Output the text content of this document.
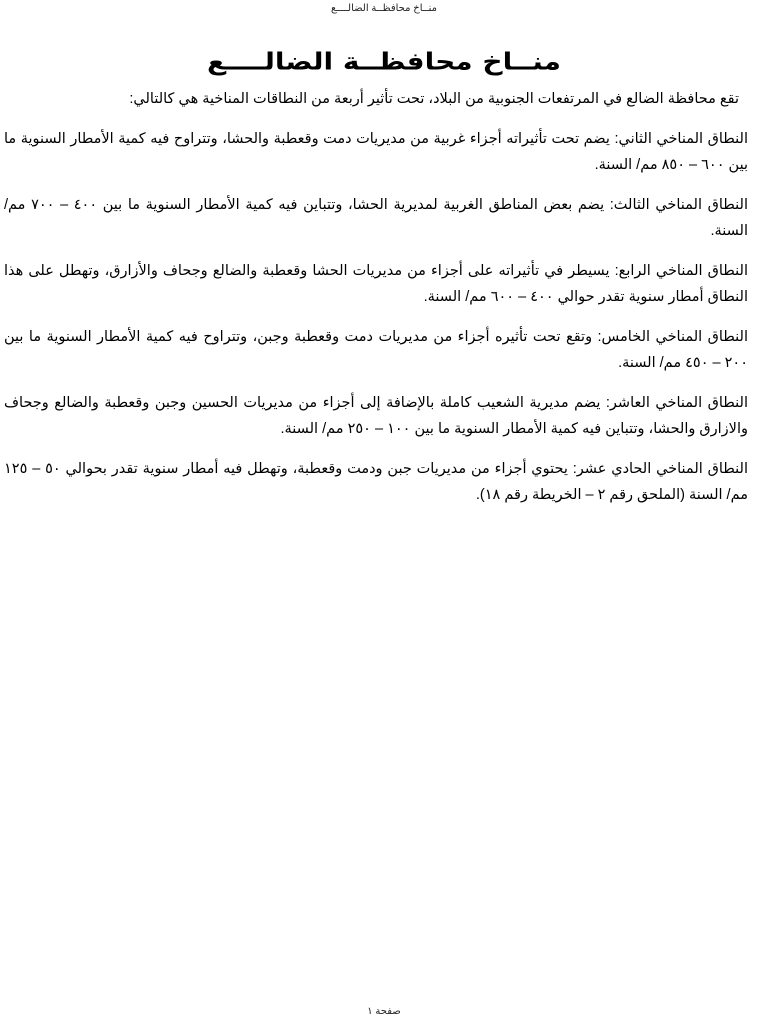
منــاخ محافظــة الضالــــع
منــاخ محافظــة الضالــــع

تقع محافظة الضالع في المرتفعات الجنوبية من البلاد، تحت تأثير أربعة من النطاقات المناخية هي كالتالي:

النطاق المناخي الثاني: يضم تحت تأثيراته أجزاء غربية من مديريات دمت وقعطبة والحشا، وتتراوح فيه كمية الأمطار السنوية ما بين ٦٠٠ – ٨٥٠ مم/ السنة.

النطاق المناخي الثالث: يضم بعض المناطق الغربية لمديرية الحشا، وتتباين فيه كمية الأمطار السنوية ما بين ٤٠٠ – ٧٠٠ مم/ السنة.

النطاق المناخي الرابع: يسيطر في تأثيراته على أجزاء من مديريات الحشا وقعطبة والضالع وجحاف والأزارق، وتهطل على هذا النطاق أمطار سنوية تقدر حوالي ٤٠٠ – ٦٠٠ مم/ السنة.

النطاق المناخي الخامس: وتقع تحت تأثيره أجزاء من مديريات دمت وقعطبة وجبن، وتتراوح فيه كمية الأمطار السنوية ما بين ٢٠٠ – ٤٥٠ مم/ السنة.

النطاق المناخي العاشر: يضم مديرية الشعيب كاملة بالإضافة إلى أجزاء من مديريات الحسين وجبن وقعطبة والضالع وجحاف والازارق والحشا، وتتباين فيه كمية الأمطار السنوية ما بين ١٠٠ – ٢٥٠ مم/ السنة.

النطاق المناخي الحادي عشر: يحتوي أجزاء من مديريات جبن ودمت وقعطبة، وتهطل فيه أمطار سنوية تقدر بحوالي ٥٠ – ١٢٥ مم/ السنة (الملحق رقم ٢ – الخريطة رقم ١٨).

صفحة ١
